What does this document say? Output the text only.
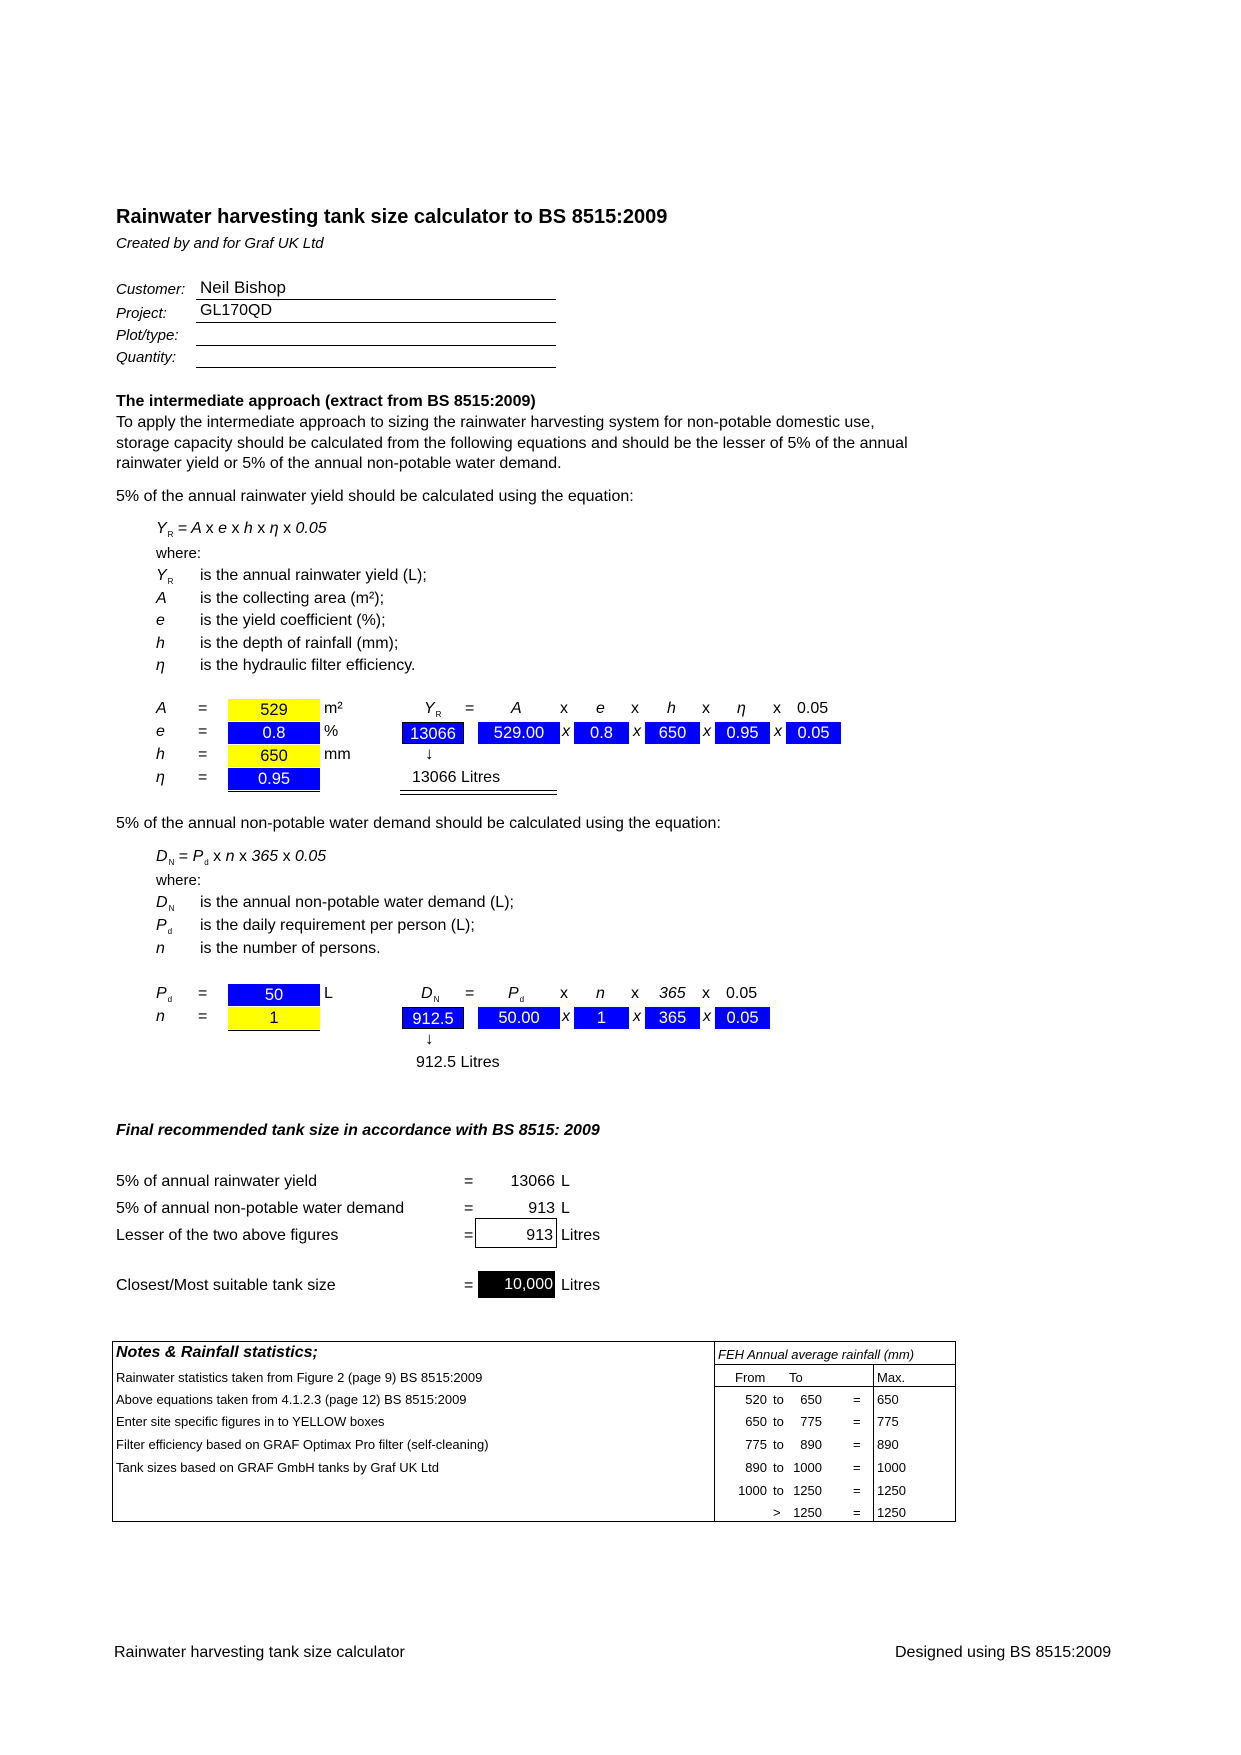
Rainwater harvesting tank size calculator to BS 8515:2009
Created by and for Graf UK Ltd
Customer: Neil Bishop
Project: GL170QD
Plot/type:
Quantity:
The intermediate approach (extract from BS 8515:2009)
To apply the intermediate approach to sizing the rainwater harvesting system for non-potable domestic use,
storage capacity should be calculated from the following equations and should be the lesser of 5% of the annual
rainwater yield or 5% of the annual non-potable water demand.
5% of the annual rainwater yield should be calculated using the equation:
$Y_R = A$ x e x h x η x 0.05
where:
$Y_R$ is the annual rainwater yield (L);
A is the collecting area (m²);
e is the yield coefficient (%);
h is the depth of rainfall (mm);
η is the hydraulic filter efficiency.
A =	529	m²
e =	0.8	%
h =	650	mm
η =	0.95
$Y_R = A$ x e x h x η x 0.05
13066	529.00	x	0.8	x	650	x 0.95 x 0.05
↓
13066 Litres
5% of the annual non-potable water demand should be calculated using the equation:
$D_N = P_d$ x n x 365 x 0.05
where:
$D_N$ is the annual non-potable water demand (L);
$P_d$ is the daily requirement per person (L);
n is the number of persons.
$P_d$ =	50	L
n =	1
$D_N = P_d$ x n x 365 x 0.05
912.5	50.00	x	1	x	365	x 0.05
↓
912.5 Litres
Final recommended tank size in accordance with BS 8515: 2009
5% of annual rainwater yield	=	13066 L
5% of annual non-potable water demand	=	913 L
Lesser of the two above figures	=	913 Litres
Closest/Most suitable tank size	=	10,000 Litres
Notes & Rainfall statistics;
Rainwater statistics taken from Figure 2 (page 9) BS 8515:2009
Above equations taken from 4.1.2.3 (page 12) BS 8515:2009
Enter site specific figures in to YELLOW boxes
Filter efficiency based on GRAF Optimax Pro filter (self-cleaning)
Tank sizes based on GRAF GmbH tanks by Graf UK Ltd
FEH Annual average rainfall (mm)
From To	Max.
520 to	650 = 650
650 to	775 = 775
775 to	890 = 890
890 to 1000 = 1000
1000 to 1250 = 1250
> 1250 = 1250
Rainwater harvesting tank size calculator	Designed using BS 8515:2009
